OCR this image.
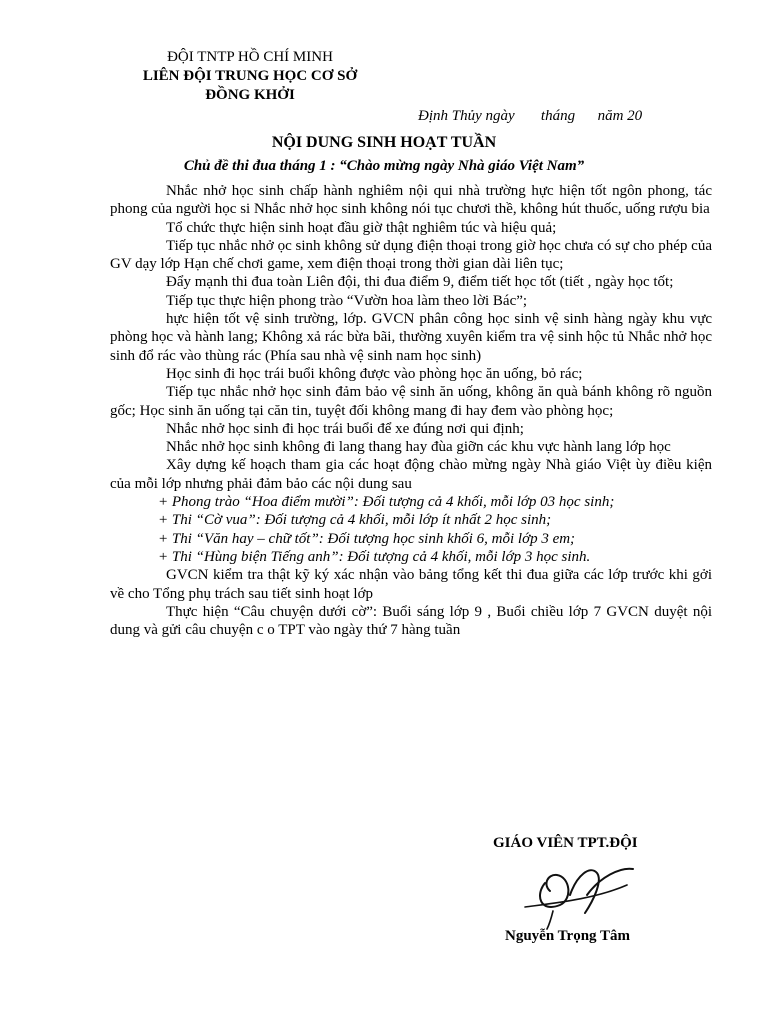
ĐỘI TNTP HỒ CHÍ MINH
LIÊN ĐỘI TRUNG HỌC CƠ SỞ
ĐỒNG KHỞI
Định Thủy ngày       tháng      năm 20
NỘI DUNG SINH HOẠT TUẦN
Chủ đề thi đua tháng 1 : “Chào mừng ngày Nhà giáo Việt Nam”

Nhắc nhở học sinh chấp hành nghiêm nội qui nhà trường hực hiện tốt ngôn phong, tác phong của người học si Nhắc nhở học sinh không nói tục chươi thề, không hút thuốc, uống rượu bia

Tổ chức thực hiện sinh hoạt đầu giờ thật nghiêm túc và hiệu quả;

Tiếp tục nhắc nhở ọc sinh không sử dụng điện thoại trong giờ học chưa có sự cho phép của GV dạy lớp Hạn chế chơi game, xem điện thoại trong thời gian dài liên tục;

Đẩy mạnh thi đua toàn Liên đội, thi đua điểm 9, điểm tiết học tốt (tiết , ngày học tốt;

Tiếp tục thực hiện phong trào “Vườn hoa làm theo lời Bác”;

hực hiện tốt vệ sinh trường, lớp. GVCN phân công học sinh vệ sinh hàng ngày khu vực phòng học và hành lang; Không xả rác bừa bãi, thường xuyên kiểm tra vệ sinh hộc tủ Nhắc nhở học sinh đổ rác vào thùng rác (Phía sau nhà vệ sinh nam học sinh)

Học sinh đi học trái buổi không được vào phòng học ăn uống, bỏ rác;

Tiếp tục nhắc nhở học sinh đảm bảo vệ sinh ăn uống, không ăn quà bánh không rõ nguồn gốc; Học sinh ăn uống tại căn tin, tuyệt đối không mang đi hay đem vào phòng học;

Nhắc nhở học sinh đi học trái buổi để xe đúng nơi qui định;

Nhắc nhở học sinh không đi lang thang hay đùa giỡn các khu vực hành lang lớp học

Xây dựng kế hoạch tham gia các hoạt động chào mừng ngày Nhà giáo Việt ùy điều kiện của mỗi lớp nhưng phải đảm bảo các nội dung sau

+ Phong trào “Hoa điểm mười”: Đối tượng cả 4 khối, mỗi lớp 03 học sinh;

+ Thi “Cờ vua”: Đối tượng cả 4 khối, mỗi lớp ít nhất 2 học sinh;

+ Thi “Văn hay – chữ tốt”: Đối tượng học sinh khối 6, mỗi lớp 3 em;

+ Thi “Hùng biện Tiếng anh”: Đối tượng cả 4 khối, mỗi lớp 3 học sinh.

GVCN kiểm tra thật kỹ ký xác nhận vào bảng tổng kết thi đua giữa các lớp trước khi gởi về cho Tổng phụ trách sau tiết sinh hoạt lớp

Thực hiện “Câu chuyện dưới cờ”: Buổi sáng lớp 9 , Buổi chiều lớp 7 GVCN duyệt nội dung và gửi câu chuyện c o TPT vào ngày thứ 7 hàng tuần

GIÁO VIÊN TPT.ĐỘI
Nguyễn Trọng Tâm
